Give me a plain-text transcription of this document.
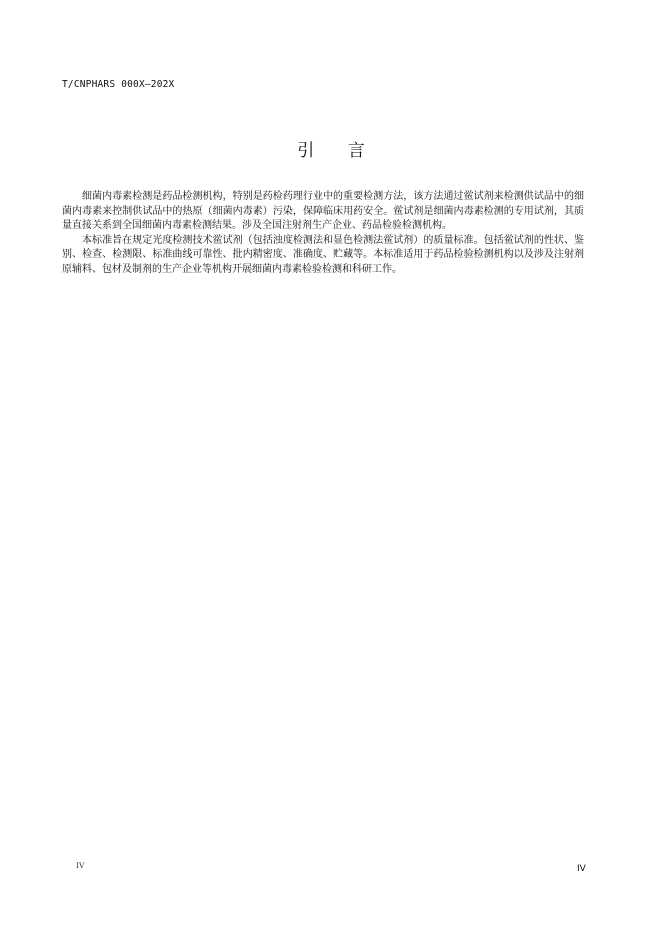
T/CNPHARS 000X—202X
引 言

细菌内毒素检测是药品检测机构，特别是药检药理行业中的重要检测方法，该方法通过鲎试剂来检测供试品中的细菌内毒素来控制供试品中的热原（细菌内毒素）污染，保障临床用药安全。鲎试剂是细菌内毒素检测的专用试剂，其质量直接关系到全国细菌内毒素检测结果。涉及全国注射剂生产企业、药品检验检测机构。

本标准旨在规定光度检测技术鲎试剂（包括浊度检测法和显色检测法鲎试剂）的质量标准。包括鲎试剂的性状、鉴别、检查、检测限、标准曲线可靠性、批内精密度、准确度、贮藏等。本标准适用于药品检验检测机构以及涉及注射剂原辅料、包材及制剂的生产企业等机构开展细菌内毒素检验检测和科研工作。

IV	IV
